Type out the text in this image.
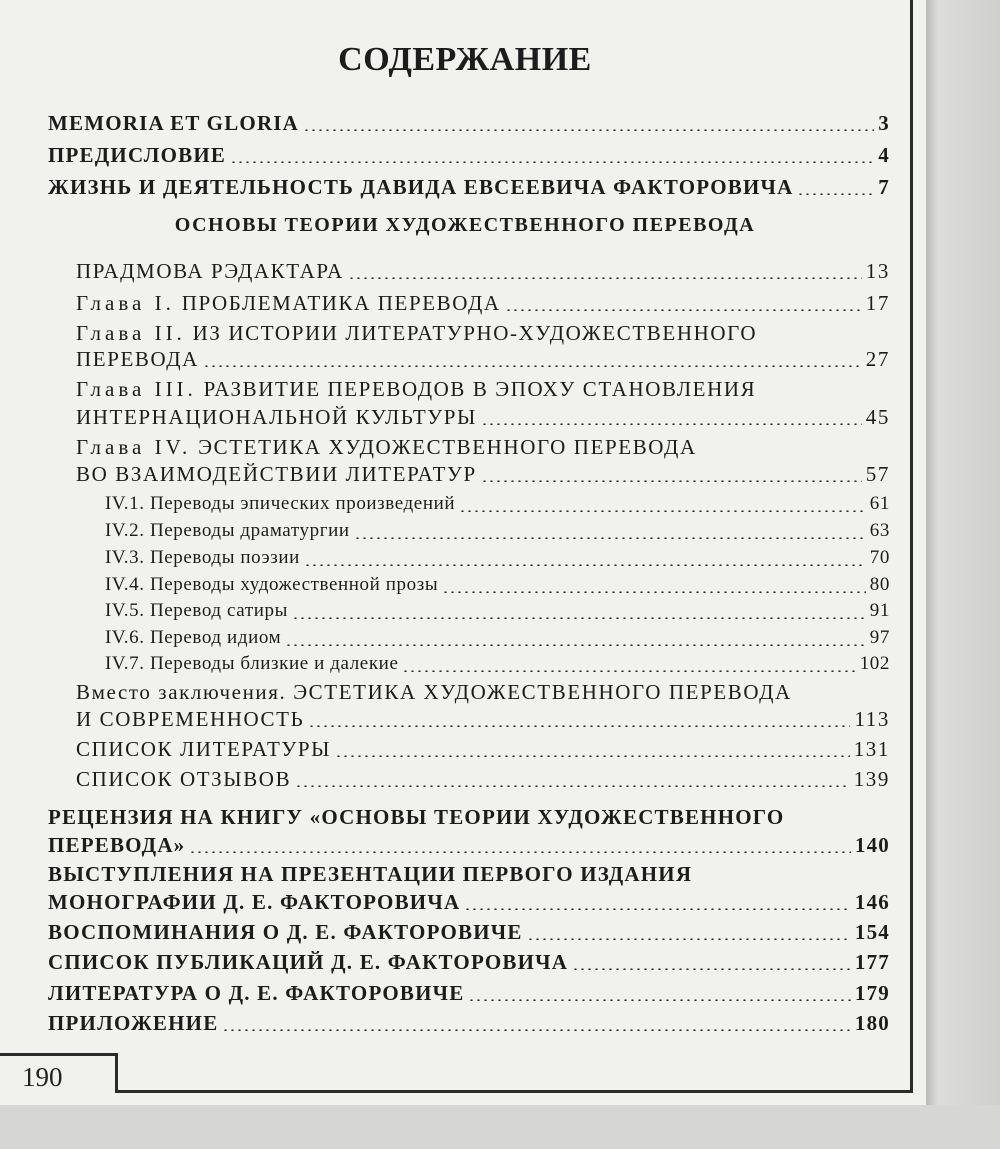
190
СОДЕРЖАНИЕ
MEMORIA ET GLORIA	3
ПРЕДИСЛОВИЕ	4
ЖИЗНЬ И ДЕЯТЕЛЬНОСТЬ ДАВИДА ЕВСЕЕВИЧА ФАКТОРОВИЧА	7
ОСНОВЫ ТЕОРИИ ХУДОЖЕСТВЕННОГО ПЕРЕВОДА
ПРАДМОВА РЭДАКТАРА	13
Глава I. ПРОБЛЕМАТИКА ПЕРЕВОДА	17
Глава II. ИЗ ИСТОРИИ ЛИТЕРАТУРНО-ХУДОЖЕСТВЕННОГО
ПЕРЕВОДА	27
Глава III. РАЗВИТИЕ ПЕРЕВОДОВ В ЭПОХУ СТАНОВЛЕНИЯ
ИНТЕРНАЦИОНАЛЬНОЙ КУЛЬТУРЫ	45
Глава IV. ЭСТЕТИКА ХУДОЖЕСТВЕННОГО ПЕРЕВОДА
ВО ВЗАИМОДЕЙСТВИИ ЛИТЕРАТУР	57
IV.1. Переводы эпических произведений	61
IV.2. Переводы драматургии	63
IV.3. Переводы поэзии	70
IV.4. Переводы художественной прозы	80
IV.5. Перевод сатиры	91
IV.6. Перевод идиом	97
IV.7. Переводы близкие и далекие	102
Вместо заключения. ЭСТЕТИКА ХУДОЖЕСТВЕННОГО ПЕРЕВОДА
И СОВРЕМЕННОСТЬ	113
СПИСОК ЛИТЕРАТУРЫ	131
СПИСОК ОТЗЫВОВ	139
РЕЦЕНЗИЯ НА КНИГУ «ОСНОВЫ ТЕОРИИ ХУДОЖЕСТВЕННОГО
ПЕРЕВОДА»	140
ВЫСТУПЛЕНИЯ НА ПРЕЗЕНТАЦИИ ПЕРВОГО ИЗДАНИЯ
МОНОГРАФИИ Д. Е. ФАКТОРОВИЧА	146
ВОСПОМИНАНИЯ О Д. Е. ФАКТОРОВИЧЕ	154
СПИСОК ПУБЛИКАЦИЙ Д. Е. ФАКТОРОВИЧА	177
ЛИТЕРАТУРА О Д. Е. ФАКТОРОВИЧЕ	179
ПРИЛОЖЕНИЕ	180
